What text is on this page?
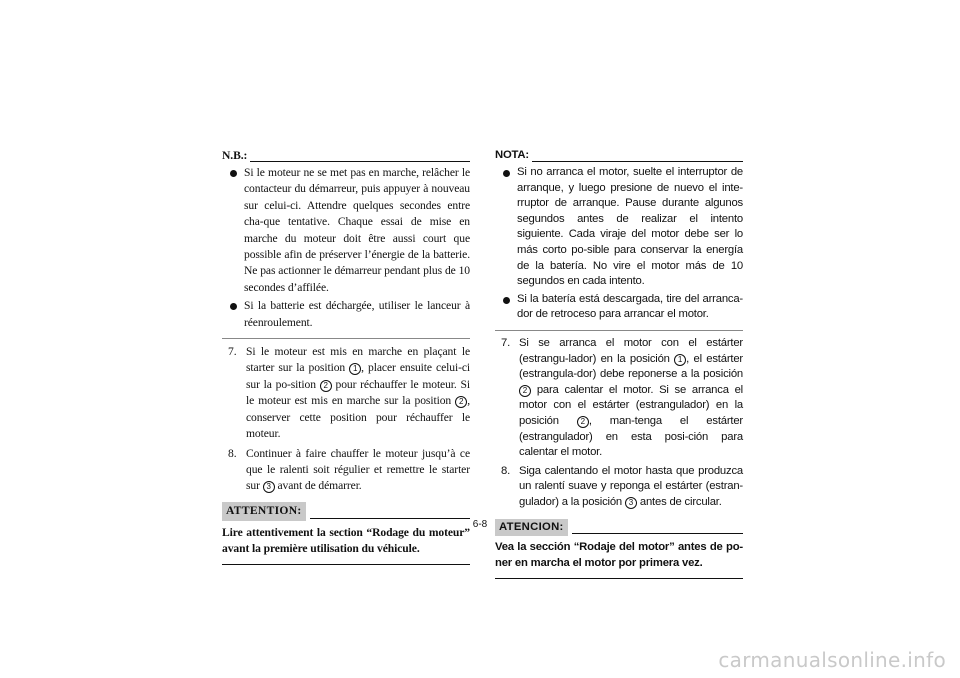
N.B.:
Si le moteur ne se met pas en marche, relâcher le contacteur du démarreur, puis appuyer à nouveau sur celui-ci. Attendre quelques secondes entre cha-que tentative. Chaque essai de mise en marche du moteur doit être aussi court que possible afin de préserver l’énergie de la batterie. Ne pas actionner le démarreur pendant plus de 10 secondes d’affilée.
Si la batterie est déchargée, utiliser le lanceur à réenroulement.
7. Si le moteur est mis en marche en plaçant le starter sur la position 1 , placer ensuite celui-ci sur la po-sition 2 pour réchauffer le moteur. Si le moteur est mis en marche sur la position 2 , conserver cette position pour réchauffer le moteur.
8. Continuer à faire chauffer le moteur jusqu’à ce que le ralenti soit régulier et remettre le starter sur 3 avant de démarrer.
ATTENTION:
Lire attentivement la section “Rodage du moteur” avant la première utilisation du véhicule.
NOTA:
Si no arranca el motor, suelte el interruptor de arranque, y luego presione de nuevo el inte-rruptor de arranque. Pause durante algunos segundos antes de realizar el intento siguiente. Cada viraje del motor debe ser lo más corto po-sible para conservar la energía de la batería. No vire el motor más de 10 segundos en cada intento.
Si la batería está descargada, tire del arranca-dor de retroceso para arrancar el motor.
7. Si se arranca el motor con el estárter (estrangu-lador) en la posición 1 , el estárter (estrangula-dor) debe reponerse a la posición 2 para calentar el motor. Si se arranca el motor con el estárter (estrangulador) en la posición 2 , man-tenga el estárter (estrangulador) en esta posi-ción para calentar el motor.
8. Siga calentando el motor hasta que produzca un ralentí suave y reponga el estárter (estran-gulador) a la posición 3 antes de circular.
ATENCION:
Vea la sección “Rodaje del motor” antes de po-ner en marcha el motor por primera vez.
6-8
carmanualsonline.info
